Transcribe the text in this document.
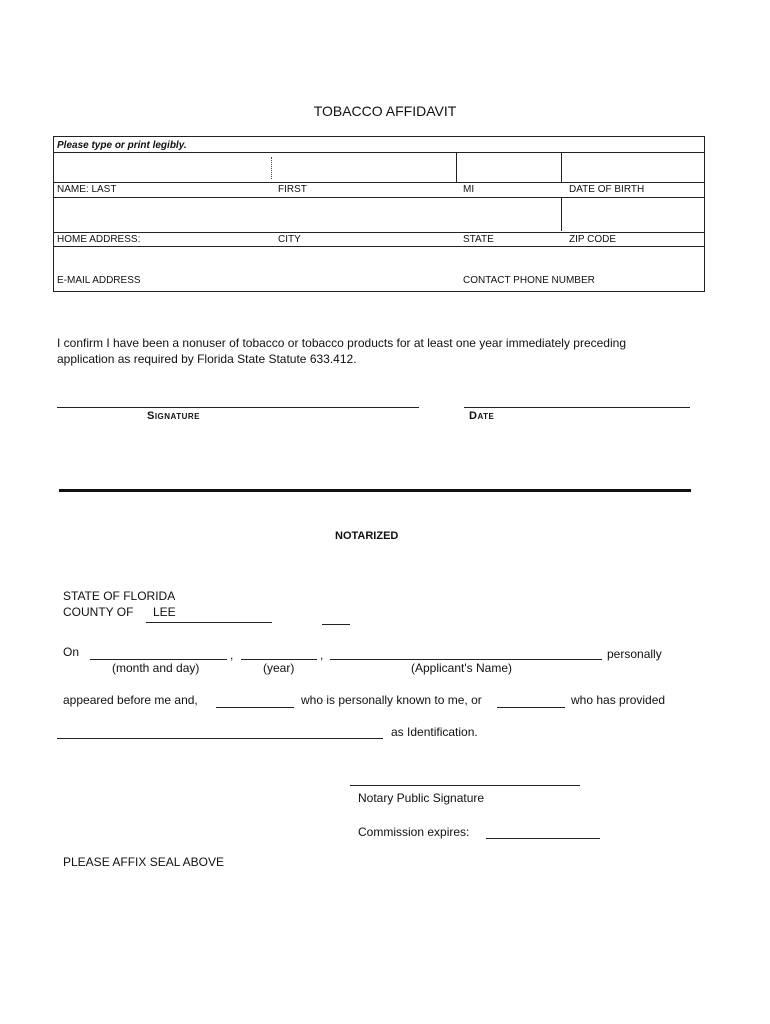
TOBACCO AFFIDAVIT
Please type or print legibly.
NAME: LAST	FIRST	MI	DATE OF BIRTH
HOME ADDRESS:	CITY	STATE	ZIP CODE
E-MAIL ADDRESS	CONTACT PHONE NUMBER
I confirm I have been a nonuser of tobacco or tobacco products for at least one year immediately preceding
application as required by Florida State Statute 633.412.
Signature	Date
NOTARIZED
STATE OF FLORIDA
COUNTY OF LEE
On	,	,	personally
(month and day)	(year)	(Applicant's Name)
appeared before me and,	who is personally known to me, or	who has provided
as Identification.
Notary Public Signature
Commission expires:
PLEASE AFFIX SEAL ABOVE
